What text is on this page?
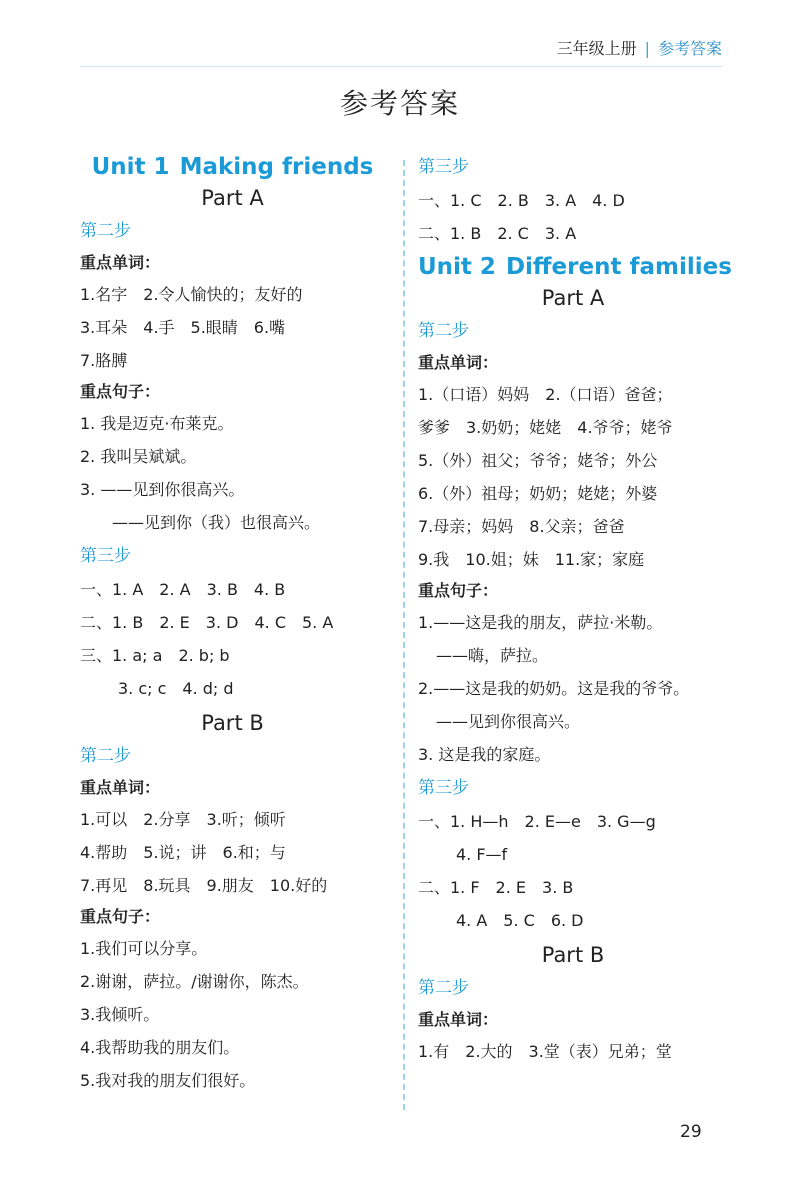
三年级上册 | 参考答案
参考答案
Unit 1 Making friends
Part A
第二步
重点单词：
1.名字　2.令人愉快的；友好的
3.耳朵　4.手　5.眼睛　6.嘴
7.胳膊
重点句子：
1. 我是迈克·布莱克。
2. 我叫吴斌斌。
3. ——见到你很高兴。
——见到你（我）也很高兴。
第三步
一、1. A　2. A　3. B　4. B
二、1. B　2. E　3. D　4. C　5. A
三、1. a; a　2. b; b
3. c; c　4. d; d
Part B
第二步
重点单词：
1.可以　2.分享　3.听；倾听
4.帮助　5.说；讲　6.和；与
7.再见　8.玩具　9.朋友　10.好的
重点句子：
1.我们可以分享。
2.谢谢，萨拉。/谢谢你，陈杰。
3.我倾听。
4.我帮助我的朋友们。
5.我对我的朋友们很好。
第三步
一、1. C　2. B　3. A　4. D
二、1. B　2. C　3. A
Unit 2 Different families
Part A
第二步
重点单词：
1.（口语）妈妈　2.（口语）爸爸；
爹爹　3.奶奶；姥姥　4.爷爷；姥爷
5.（外）祖父；爷爷；姥爷；外公
6.（外）祖母；奶奶；姥姥；外婆
7.母亲；妈妈　8.父亲；爸爸
9.我　10.姐；妹　11.家；家庭
重点句子：
1.——这是我的朋友，萨拉·米勒。
——嗨，萨拉。
2.——这是我的奶奶。这是我的爷爷。
——见到你很高兴。
3. 这是我的家庭。
第三步
一、1. H—h　2. E—e　3. G—g
4. F—f
二、1. F　2. E　3. B
4. A　5. C　6. D
Part B
第二步
重点单词：
1.有　2.大的　3.堂（表）兄弟；堂
29
